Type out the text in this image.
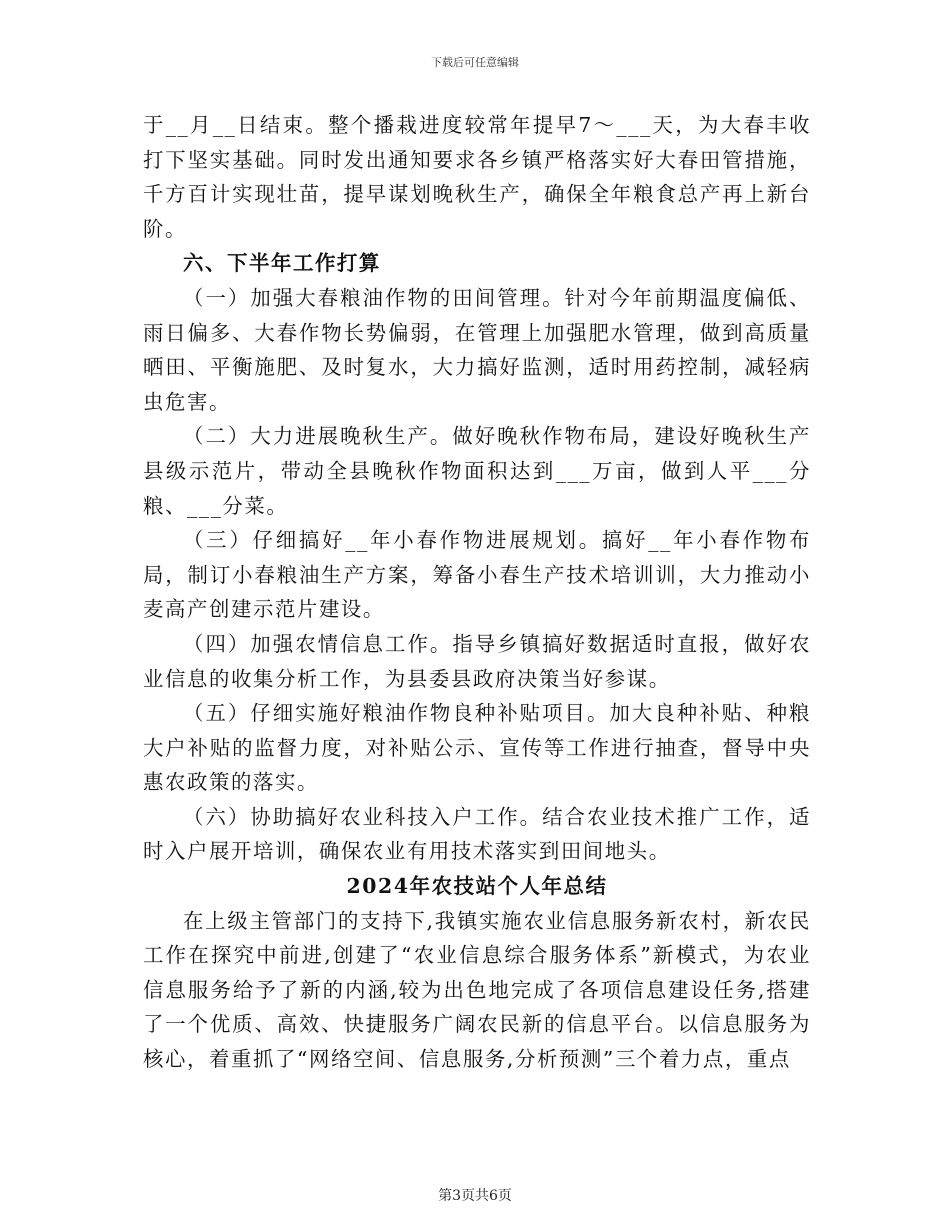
下载后可任意编辑

于__月__日结束。整个播栽进度较常年提早7～___天，为大春丰收打下坚实基础。同时发出通知要求各乡镇严格落实好大春田管措施，千方百计实现壮苗，提早谋划晚秋生产，确保全年粮食总产再上新台阶。

六、下半年工作打算

（一）加强大春粮油作物的田间管理。针对今年前期温度偏低、雨日偏多、大春作物长势偏弱，在管理上加强肥水管理，做到高质量晒田、平衡施肥、及时复水，大力搞好监测，适时用药控制，减轻病虫危害。

（二）大力进展晚秋生产。做好晚秋作物布局，建设好晚秋生产县级示范片，带动全县晚秋作物面积达到___万亩，做到人平___分粮、___分菜。

（三）仔细搞好__年小春作物进展规划。搞好__年小春作物布局，制订小春粮油生产方案，筹备小春生产技术培训训，大力推动小麦高产创建示范片建设。

（四）加强农情信息工作。指导乡镇搞好数据适时直报，做好农业信息的收集分析工作，为县委县政府决策当好参谋。

（五）仔细实施好粮油作物良种补贴项目。加大良种补贴、种粮大户补贴的监督力度，对补贴公示、宣传等工作进行抽查，督导中央惠农政策的落实。

（六）协助搞好农业科技入户工作。结合农业技术推广工作，适时入户展开培训，确保农业有用技术落实到田间地头。

2024年农技站个人年总结

在上级主管部门的支持下,我镇实施农业信息服务新农村，新农民工作在探究中前进,创建了“农业信息综合服务体系”新模式，为农业信息服务给予了新的内涵,较为出色地完成了各项信息建设任务,搭建了一个优质、高效、快捷服务广阔农民新的信息平台。以信息服务为核心，着重抓了“网络空间、信息服务,分析预测”三个着力点，重点

第3页共6页
